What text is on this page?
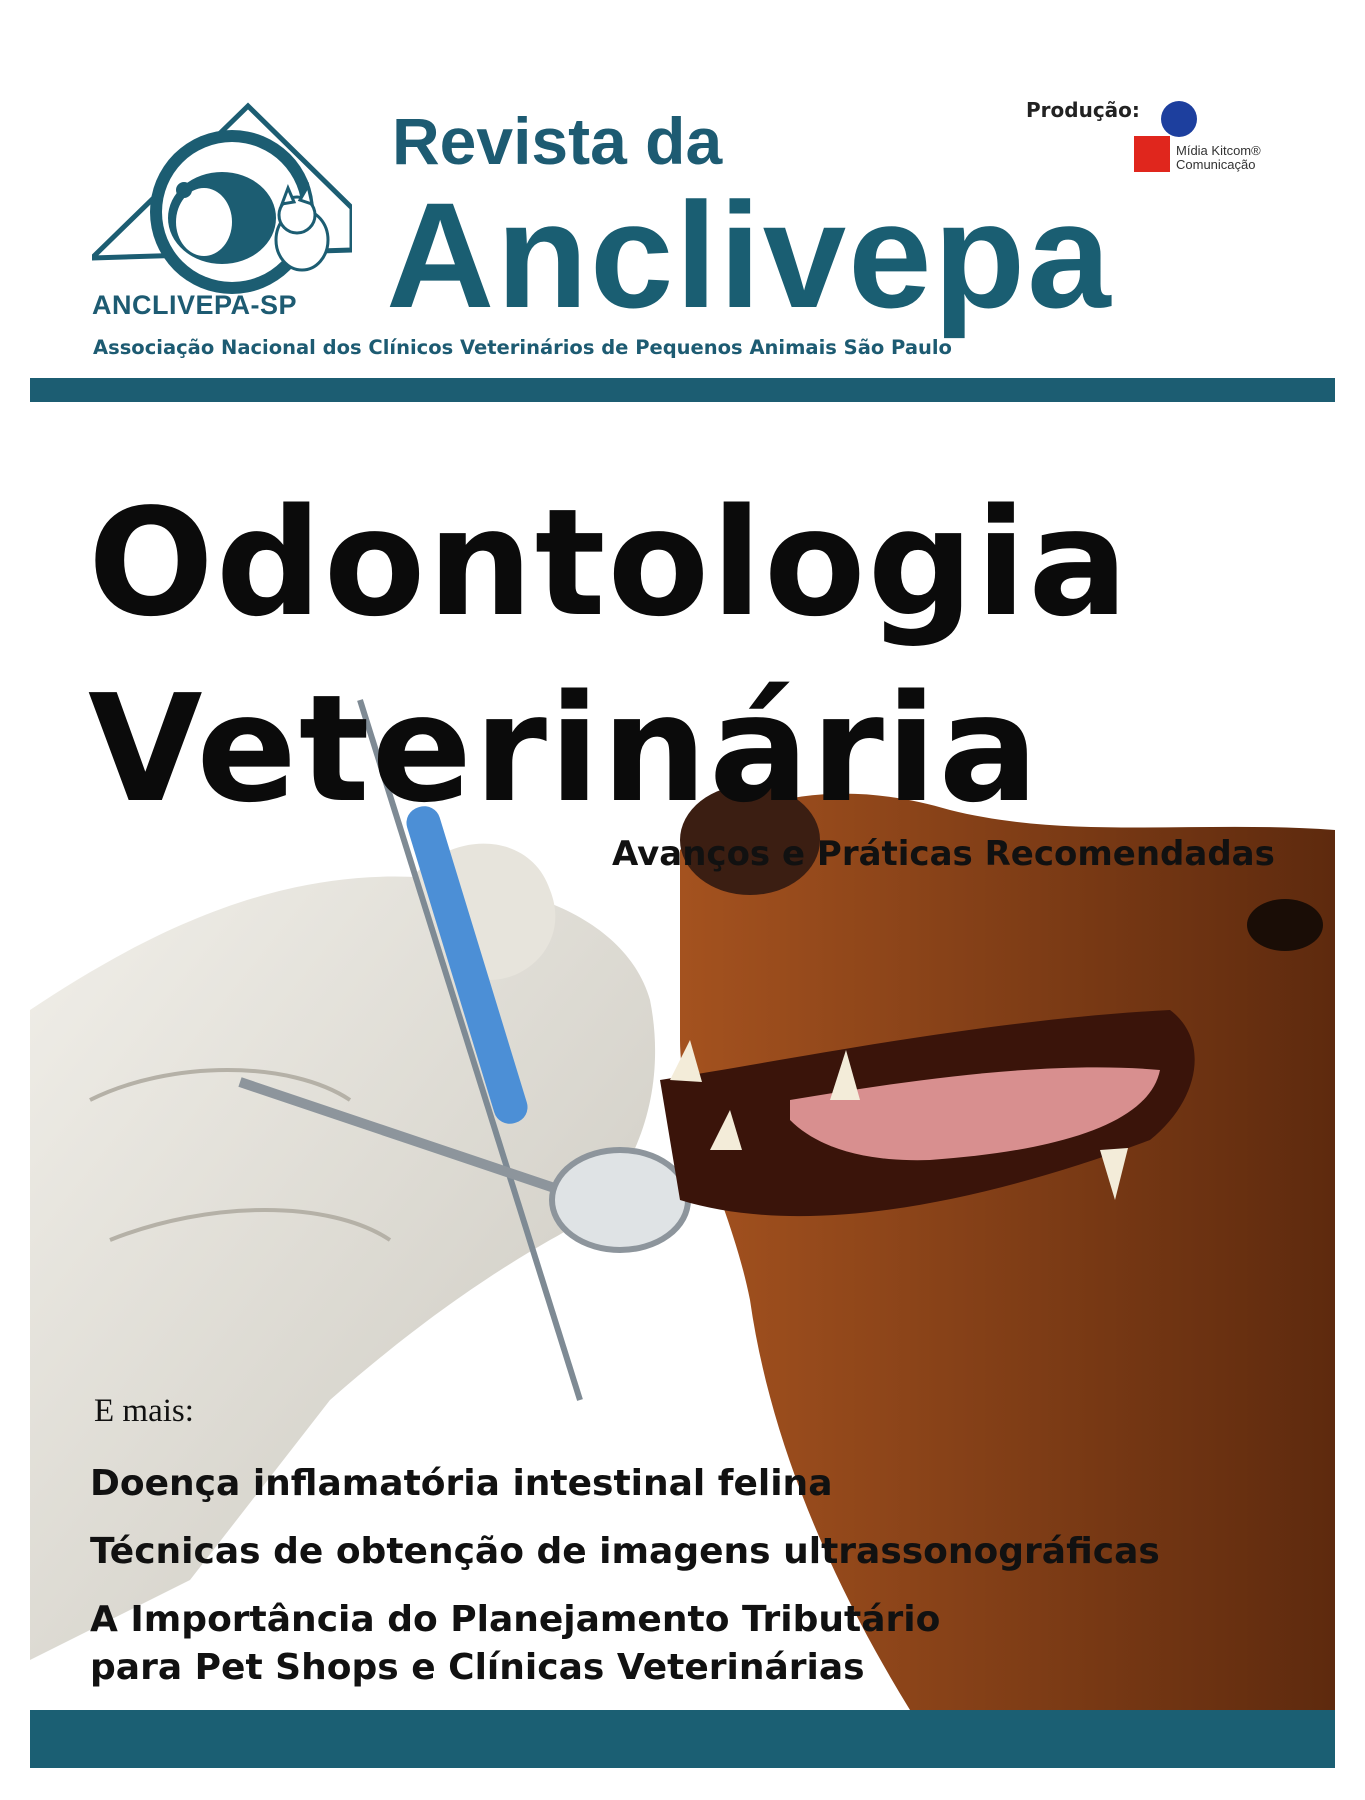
ANCLIVEPA-SP
Revista da
Anclivepa
Associação Nacional dos Clínicos Veterinários de Pequenos Animais São Paulo
Produção:
Mídia Kitcom®
Comunicação
Odontologia
Veterinária
Avanços e Práticas Recomendadas
E mais:
Doença inflamatória intestinal felina
Técnicas de obtenção de imagens ultrassonográficas
A Importância do Planejamento Tributário
para Pet Shops e Clínicas Veterinárias
